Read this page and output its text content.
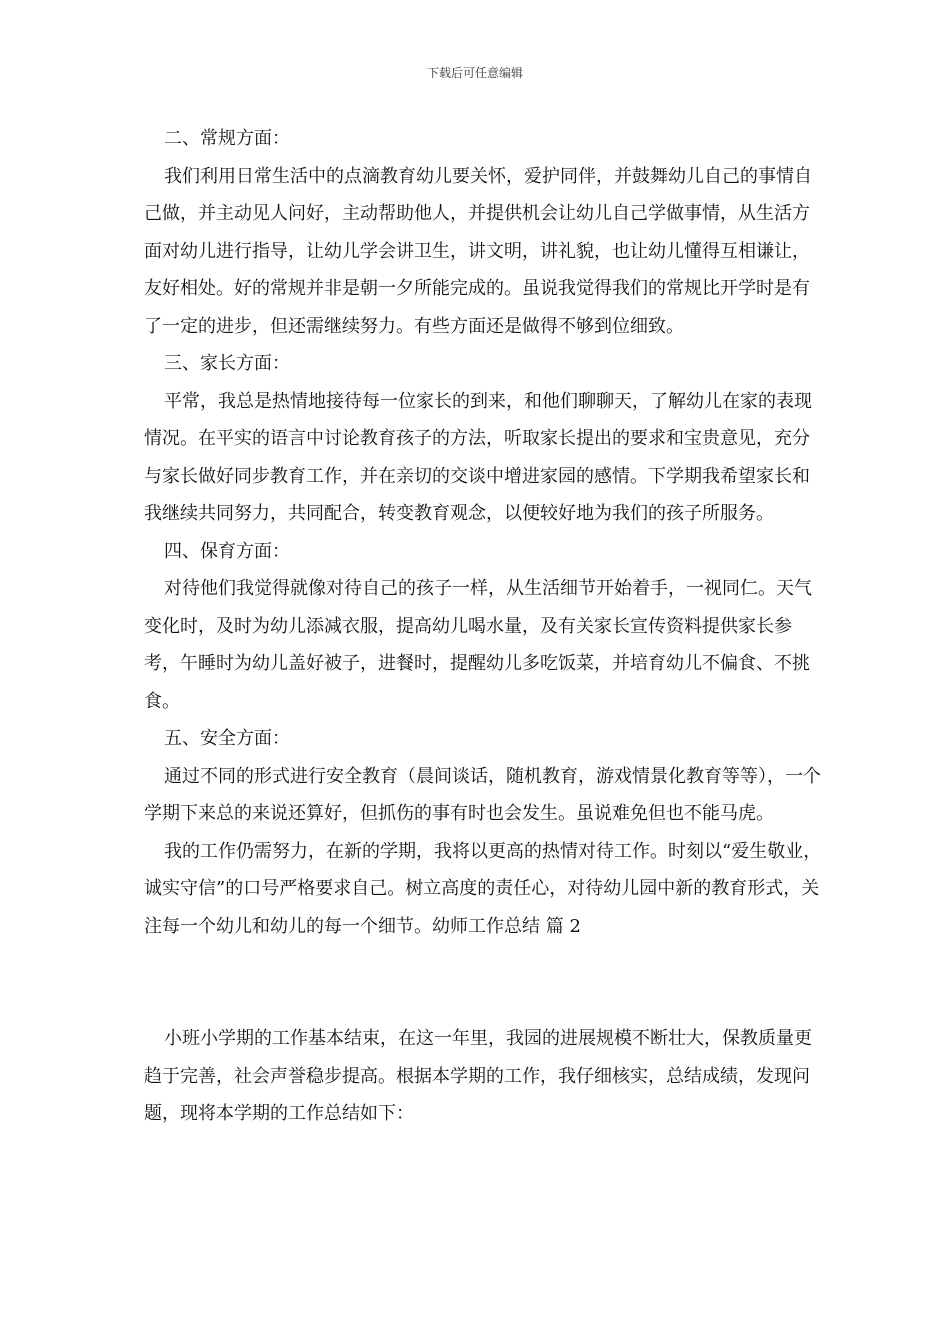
下载后可任意编辑

二、常规方面：

我们利用日常生活中的点滴教育幼儿要关怀，爱护同伴，并鼓舞幼儿自己的事情自己做，并主动见人问好，主动帮助他人，并提供机会让幼儿自己学做事情，从生活方面对幼儿进行指导，让幼儿学会讲卫生，讲文明，讲礼貌，也让幼儿懂得互相谦让，友好相处。好的常规并非是朝一夕所能完成的。虽说我觉得我们的常规比开学时是有了一定的进步，但还需继续努力。有些方面还是做得不够到位细致。

三、家长方面：

平常，我总是热情地接待每一位家长的到来，和他们聊聊天，了解幼儿在家的表现情况。在平实的语言中讨论教育孩子的方法，听取家长提出的要求和宝贵意见，充分与家长做好同步教育工作，并在亲切的交谈中增进家园的感情。下学期我希望家长和我继续共同努力，共同配合，转变教育观念，以便较好地为我们的孩子所服务。

四、保育方面：

对待他们我觉得就像对待自己的孩子一样，从生活细节开始着手，一视同仁。天气变化时，及时为幼儿添减衣服，提高幼儿喝水量，及有关家长宣传资料提供家长参考，午睡时为幼儿盖好被子，进餐时，提醒幼儿多吃饭菜，并培育幼儿不偏食、不挑食。

五、安全方面：

通过不同的形式进行安全教育（晨间谈话，随机教育，游戏情景化教育等等），一个学期下来总的来说还算好，但抓伤的事有时也会发生。虽说难免但也不能马虎。

我的工作仍需努力，在新的学期，我将以更高的热情对待工作。时刻以“爱生敬业，诚实守信”的口号严格要求自己。树立高度的责任心，对待幼儿园中新的教育形式，关注每一个幼儿和幼儿的每一个细节。幼师工作总结 篇 2

小班小学期的工作基本结束，在这一年里，我园的进展规模不断壮大，保教质量更趋于完善，社会声誉稳步提高。根据本学期的工作，我仔细核实，总结成绩，发现问题，现将本学期的工作总结如下：
